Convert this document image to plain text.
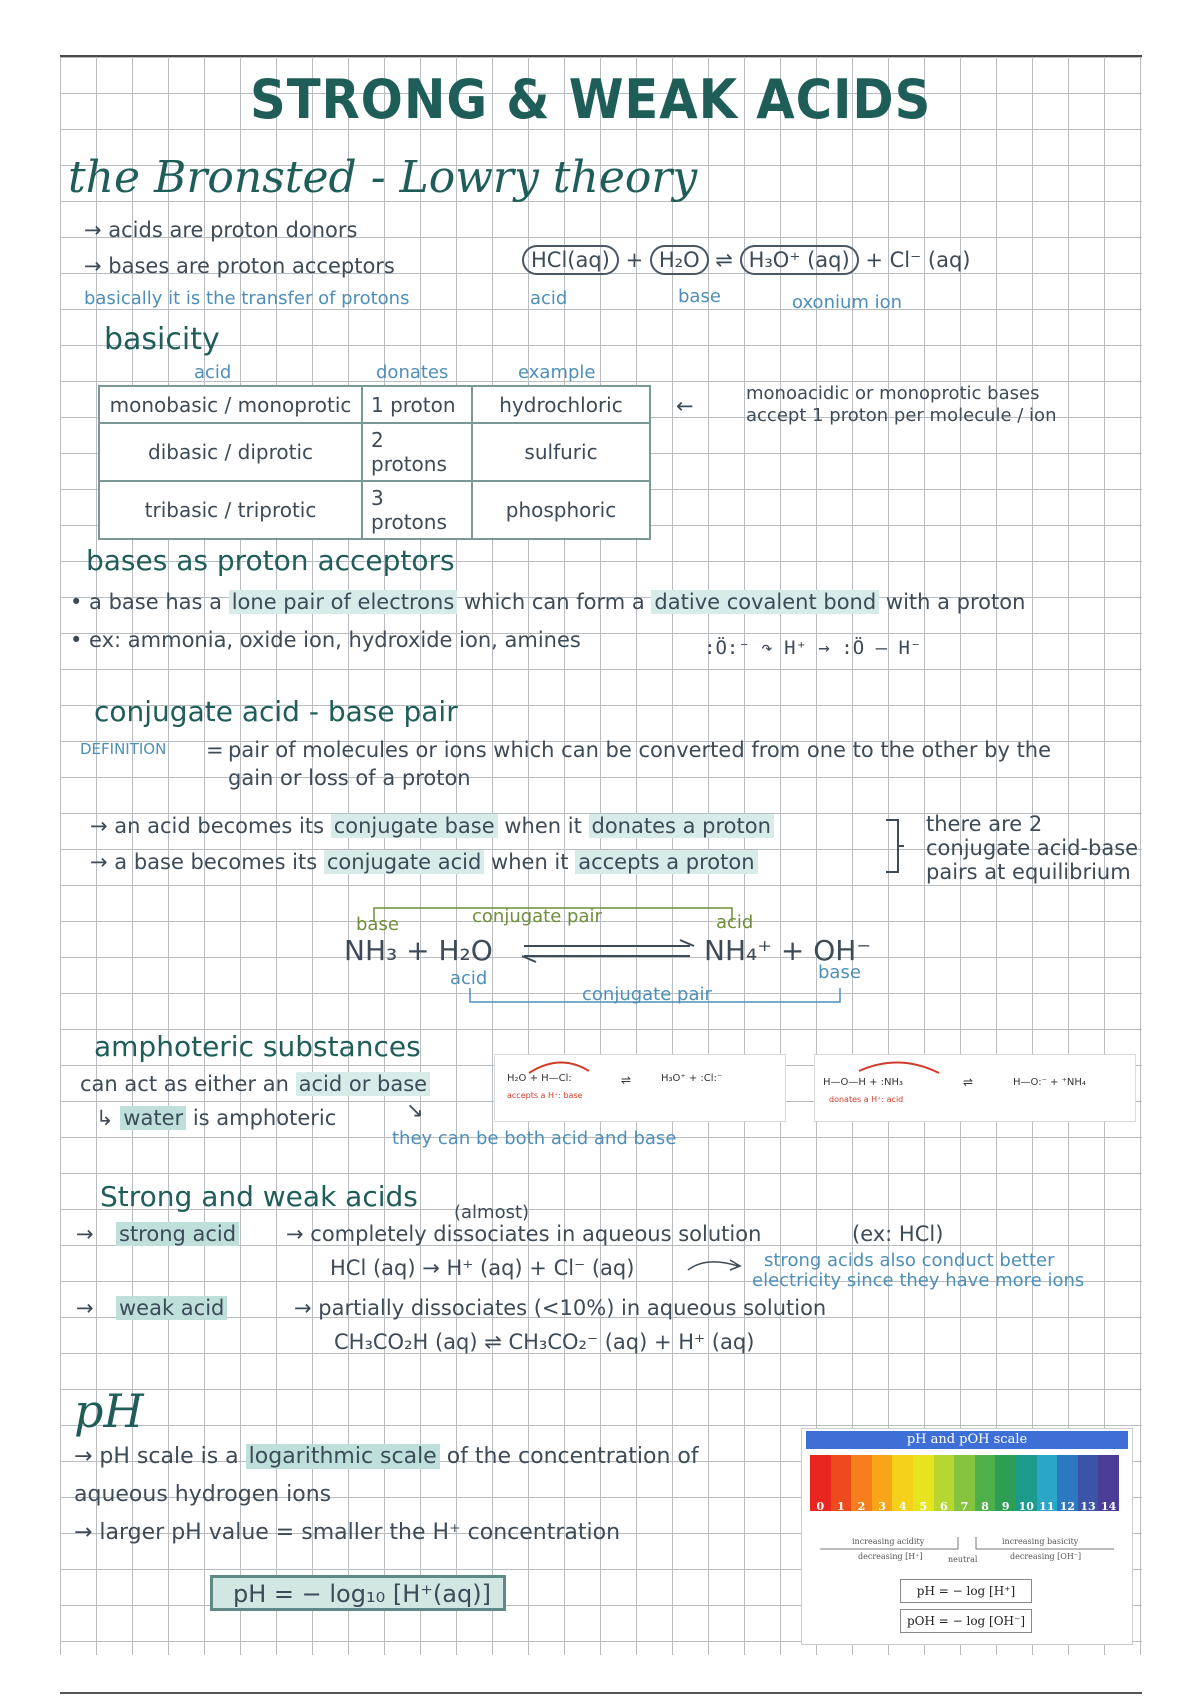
STRONG & WEAK ACIDS
the Bronsted - Lowry theory
→ acids are proton donors
→ bases are proton acceptors
basically it is the transfer of protons
HCl(aq) + H₂O ⇌ H₃O⁺ (aq) + Cl⁻ (aq)
acid	base	oxonium ion
basicity
acid	donates	example
monobasic / monoprotic	1 proton	hydrochloric
dibasic / diprotic	2 protons	sulfuric
tribasic / triprotic	3 protons	phosphoric
←
monoacidic or monoprotic bases
accept 1 proton per molecule / ion
bases as proton acceptors
• a base has a lone pair of electrons which can form a dative covalent bond with a proton
• ex: ammonia, oxide ion, hydroxide ion, amines	:Ö:⁻ ↷ H⁺ → :Ö — H⁻
conjugate acid - base pair
DEFINITION = pair of molecules or ions which can be converted from one to the other by the
gain or loss of a proton
→ an acid becomes its conjugate base when it donates a proton
→ a base becomes its conjugate acid when it accepts a proton
there are 2
conjugate acid-base
pairs at equilibrium
base	conjugate pair	acid
NH₃ + H₂O	NH₄⁺ + OH⁻
acid	base
conjugate pair
amphoteric substances
can act as either an acid or base
↳ water is amphoteric	↘
they can be both acid and base
H₂O + H—Cl:	⇌	H₃O⁺ + :Cl:⁻
accepts a H⁺: base
H—O—H + :NH₃	⇌	H—O:⁻ + ⁺NH₄
donates a H⁺: acid
Strong and weak acids (almost)
→ strong acid → completely dissociates in aqueous solution	(ex: HCl)
HCl (aq) → H⁺ (aq) + Cl⁻ (aq)	strong acids also conduct better
electricity since they have more ions
→ weak acid	→ partially dissociates (<10%) in aqueous solution
CH₃CO₂H (aq) ⇌ CH₃CO₂⁻ (aq) + H⁺ (aq)
pH
→ pH scale is a logarithmic scale of the concentration of
aqueous hydrogen ions
→ larger pH value = smaller the H⁺ concentration
pH = − log₁₀ [H⁺(aq)]
pH and pOH scale
0 1 2 3 4 5 6 7 8 9 10 11 12 13 14
increasing acidity
decreasing [H⁺]	neutral
increasing basicity
decreasing [OH⁻]
pH = − log [H⁺]
pOH = − log [OH⁻]
